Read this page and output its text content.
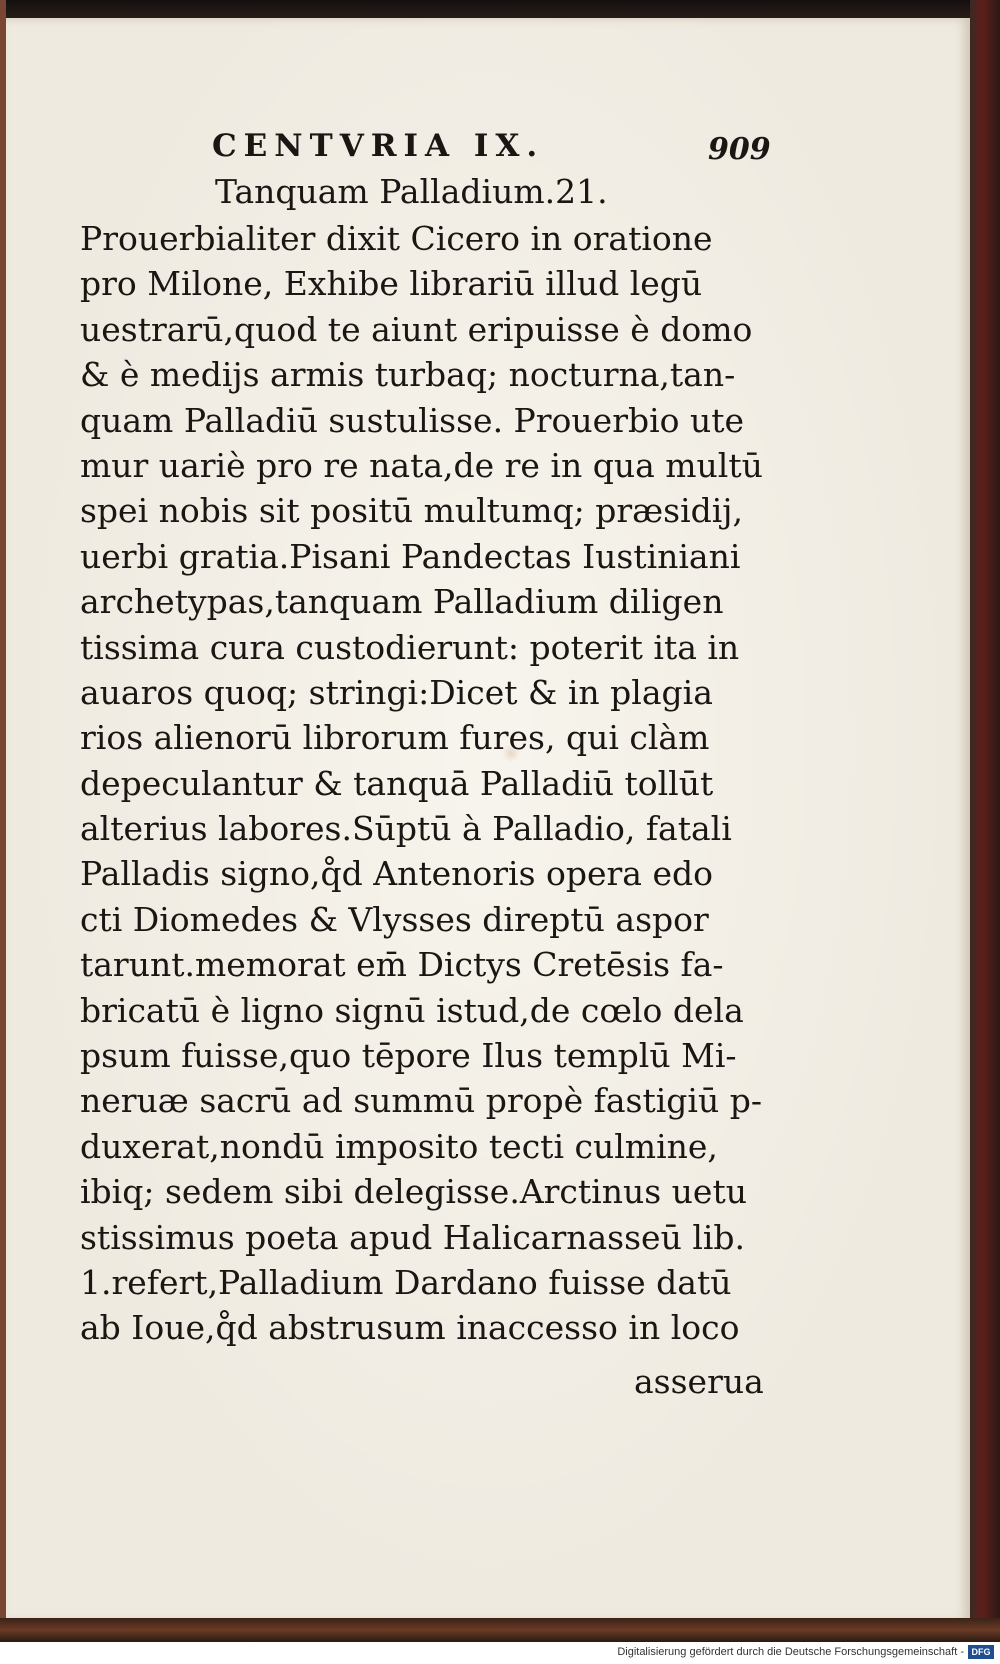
CENTVRIA IX.	909
Tanquam Palladium.21.
Prouerbialiter dixit Cicero in oratione
pro Milone, Exhibe librariū illud legū
uestrarū,quod te aiunt eripuisse è domo
& è medijs armis turbaq; nocturna,tan-
quam Palladiū sustulisse. Prouerbio ute
mur uariè pro re nata,de re in qua multū
spei nobis sit positū multumq; præsidij,
uerbi gratia.Pisani Pandectas Iustiniani
archetypas,tanquam Palladium diligen
tissima cura custodierunt: poterit ita in
auaros quoq; stringi:Dicet & in plagia
rios alienorū librorum fures, qui clàm
depeculantur & tanquā Palladiū tollūt
alterius labores.Sūptū à Palladio, fatali
Palladis signo,q̊d Antenoris opera edo
cti Diomedes & Vlysses direptū aspor
tarunt.memorat em̄ Dictys Cretēsis fa-
bricatū è ligno signū istud,de cœlo dela
psum fuisse,quo tēpore Ilus templū Mi-
neruæ sacrū ad summū propè fastigiū p-
duxerat,nondū imposito tecti culmine,
ibiq; sedem sibi delegisse.Arctinus uetu
stissimus poeta apud Halicarnasseū lib.
1.refert,Palladium Dardano fuisse datū
ab Ioue,q̊d abstrusum inaccesso in loco
asserua
Digitalisierung gefördert durch die Deutsche Forschungsgemeinschaft - DFG
